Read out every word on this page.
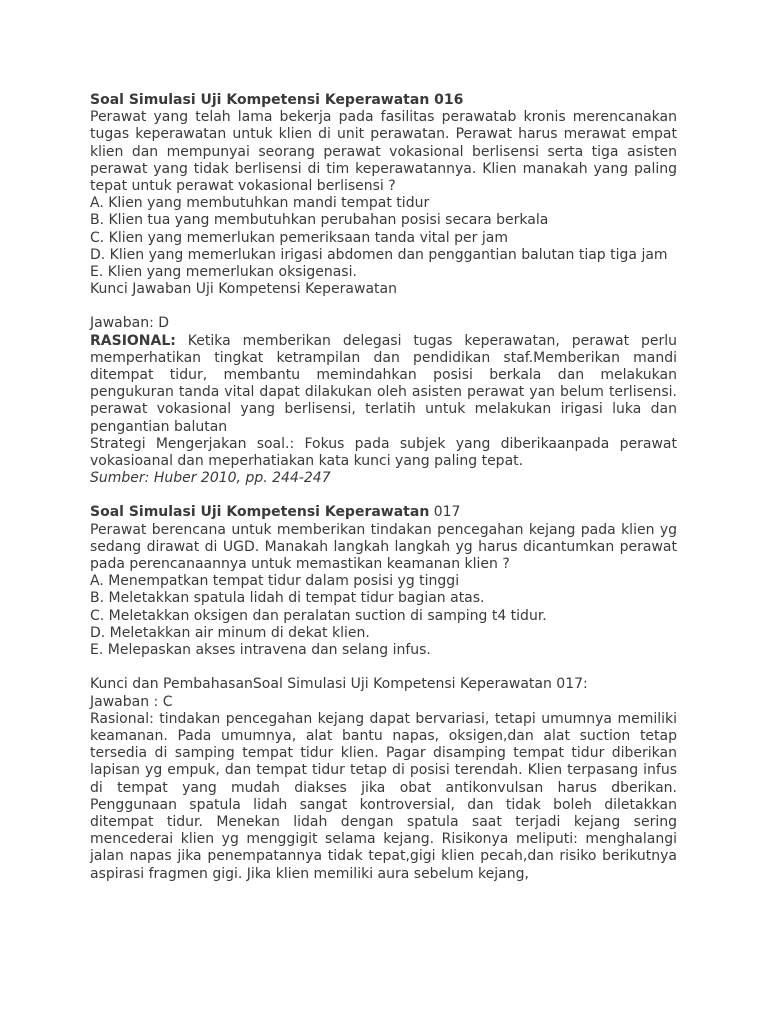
Soal Simulasi Uji Kompetensi Keperawatan 016

Perawat yang telah lama bekerja pada fasilitas perawatab kronis merencanakan tugas keperawatan untuk klien di unit perawatan. Perawat harus merawat empat klien dan mempunyai seorang perawat vokasional berlisensi serta tiga asisten perawat yang tidak berlisensi di tim keperawatannya. Klien manakah yang paling tepat untuk perawat vokasional berlisensi ?

A. Klien yang membutuhkan mandi tempat tidur

B. Klien tua yang membutuhkan perubahan posisi secara berkala

C. Klien yang memerlukan pemeriksaan tanda vital per jam

D. Klien yang memerlukan irigasi abdomen dan penggantian balutan tiap tiga jam

E. Klien yang memerlukan oksigenasi.

Kunci Jawaban Uji Kompetensi Keperawatan

Jawaban: D

RASIONAL: Ketika memberikan delegasi tugas keperawatan, perawat perlu memperhatikan tingkat ketrampilan dan pendidikan staf.Memberikan mandi ditempat tidur, membantu memindahkan posisi berkala dan melakukan pengukuran tanda vital dapat dilakukan oleh asisten perawat yan belum terlisensi. perawat vokasional yang berlisensi, terlatih untuk melakukan irigasi luka dan pengantian balutan

Strategi Mengerjakan soal.: Fokus pada subjek yang diberikaanpada perawat vokasioanal dan meperhatiakan kata kunci yang paling tepat.

Sumber: Huber 2010, pp. 244-247

Soal Simulasi Uji Kompetensi Keperawatan 017

Perawat berencana untuk memberikan tindakan pencegahan kejang pada klien yg sedang dirawat di UGD. Manakah langkah langkah yg harus dicantumkan perawat pada perencanaannya untuk memastikan keamanan klien ?

A. Menempatkan tempat tidur dalam posisi yg tinggi

B. Meletakkan spatula lidah di tempat tidur bagian atas.

C. Meletakkan oksigen dan peralatan suction di samping t4 tidur.

D. Meletakkan air minum di dekat klien.

E. Melepaskan akses intravena dan selang infus.

Kunci dan PembahasanSoal Simulasi Uji Kompetensi Keperawatan 017:

Jawaban : C

Rasional: tindakan pencegahan kejang dapat bervariasi, tetapi umumnya memiliki keamanan. Pada umumnya, alat bantu napas, oksigen,dan alat suction tetap tersedia di samping tempat tidur klien. Pagar disamping tempat tidur diberikan lapisan yg empuk, dan tempat tidur tetap di posisi terendah. Klien terpasang infus di tempat yang mudah diakses jika obat antikonvulsan harus dberikan. Penggunaan spatula lidah sangat kontroversial, dan tidak boleh diletakkan ditempat tidur. Menekan lidah dengan spatula saat terjadi kejang sering mencederai klien yg menggigit selama kejang. Risikonya meliputi: menghalangi jalan napas jika penempatannya tidak tepat,gigi klien pecah,dan risiko berikutnya aspirasi fragmen gigi. Jika klien memiliki aura sebelum kejang,
